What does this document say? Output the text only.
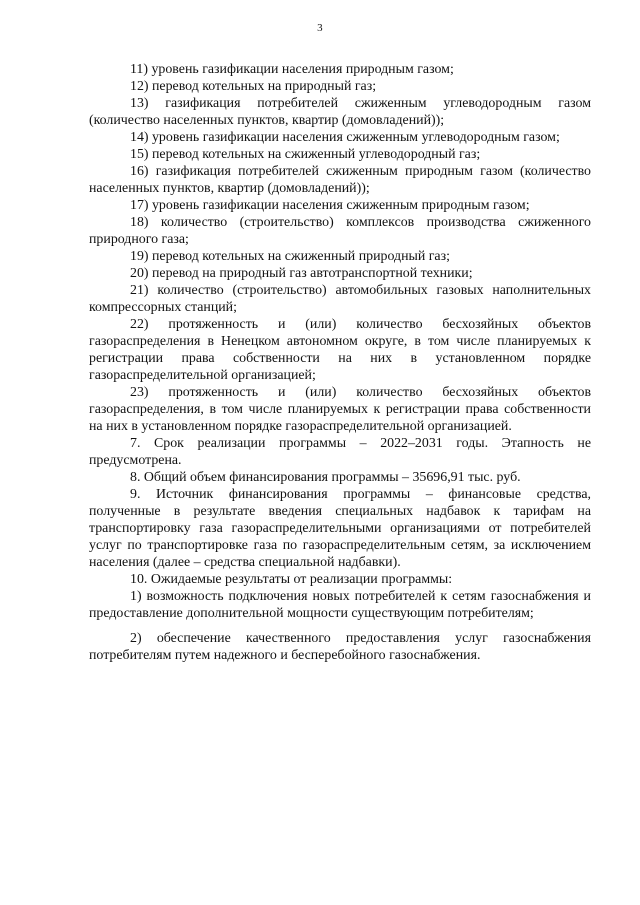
3

11) уровень газификации населения природным газом;

12) перевод котельных на природный газ;

13) газификация потребителей сжиженным углеводородным газом (количество населенных пунктов, квартир (домовладений));

14) уровень газификации населения сжиженным углеводородным газом;

15) перевод котельных на сжиженный углеводородный газ;

16) газификация потребителей сжиженным природным газом (количество населенных пунктов, квартир (домовладений));

17) уровень газификации населения сжиженным природным газом;

18) количество (строительство) комплексов производства сжиженного природного газа;

19) перевод котельных на сжиженный природный газ;

20) перевод на природный газ автотранспортной техники;

21) количество (строительство) автомобильных газовых наполнительных компрессорных станций;

22) протяженность и (или) количество бесхозяйных объектов газораспределения в Ненецком автономном округе, в том числе планируемых к регистрации права собственности на них в установленном порядке газораспределительной организацией;

23) протяженность и (или) количество бесхозяйных объектов газораспределения, в том числе планируемых к регистрации права собственности на них в установленном порядке газораспределительной организацией.

7. Срок реализации программы – 2022–2031 годы. Этапность не предусмотрена.

8. Общий объем финансирования программы – 35696,91 тыс. руб.

9. Источник финансирования программы – финансовые средства, полученные в результате введения специальных надбавок к тарифам на транспортировку газа газораспределительными организациями от потребителей услуг по транспортировке газа по газораспределительным сетям, за исключением населения (далее – средства специальной надбавки).

10. Ожидаемые результаты от реализации программы:

1) возможность подключения новых потребителей к сетям газоснабжения и предоставление дополнительной мощности существующим потребителям;

2) обеспечение качественного предоставления услуг газоснабжения потребителям путем надежного и бесперебойного газоснабжения.
